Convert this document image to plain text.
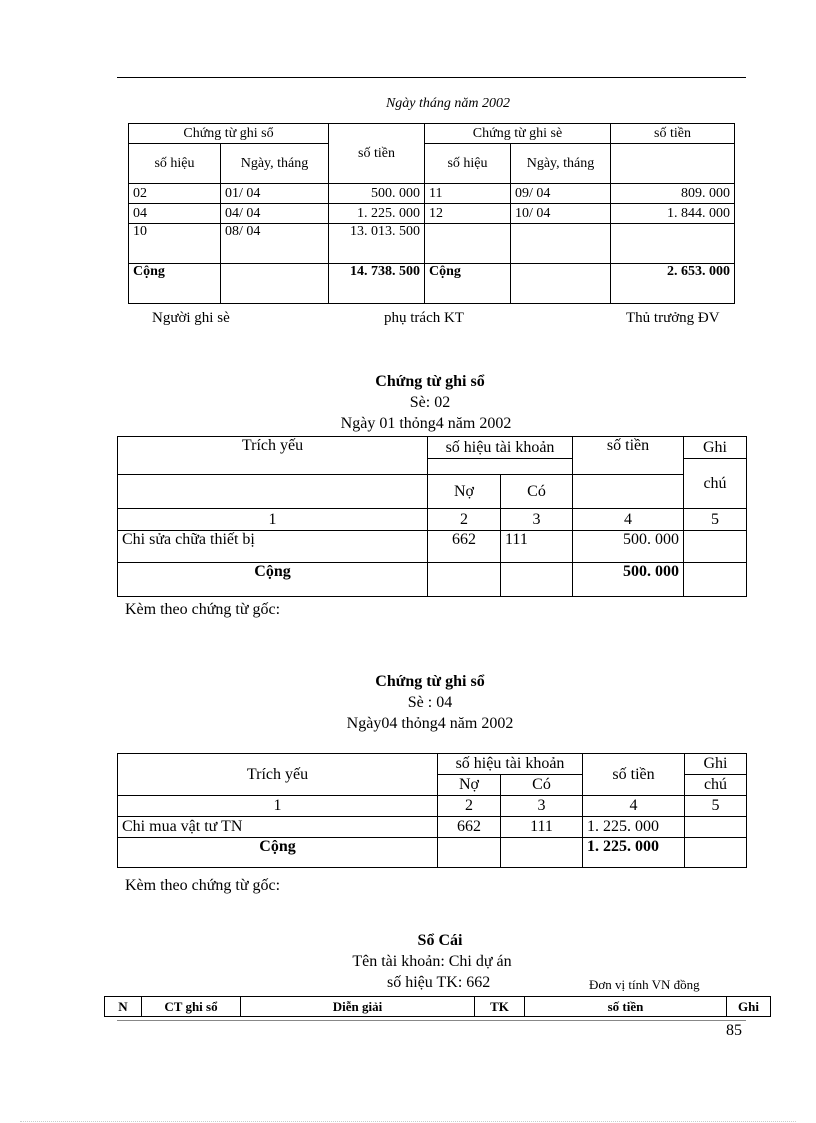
Ngày tháng năm 2002
Chứng từ ghi sổ		số tiền	Chứng từ ghi sè		số tiền
số hiệu	Ngày, tháng		số hiệu	Ngày, tháng	
02	01/ 04	500. 000	11	09/ 04	809. 000
04	04/ 04	1. 225. 000	12	10/ 04	1. 844. 000
10	08/ 04	13. 013. 500			
Cộng		14. 738. 500	Cộng		2. 653. 000
Người ghi sè	phụ trách KT	Thủ trưởng ĐV
Chứng từ ghi sổ
Sè: 02
Ngày 01 thỏng4 năm 2002
Trích yếu	số hiệu tài khoản		số tiền	Ghi
				chú
	Nợ	Có		
1	2	3	4	5
Chi sửa chữa thiết bị	662	111	500. 000	
Cộng			500. 000	
Kèm theo chứng từ gốc:
Chứng từ ghi sổ
Sè : 04
Ngày04 thỏng4 năm 2002
Trích yếu	số hiệu tài khoản		số tiền	Ghi
	Nợ	Có		chú
1	2	3	4	5
Chi mua vật tư TN	662	111	1. 225. 000	
Cộng			1. 225. 000	
Kèm theo chứng từ gốc:
Sổ Cái
Tên tài khoản: Chi dự án
số hiệu TK: 662	Đơn vị tính VN đồng
N	CT ghi sổ	Diễn giải	TK	số tiền	Ghi
85
